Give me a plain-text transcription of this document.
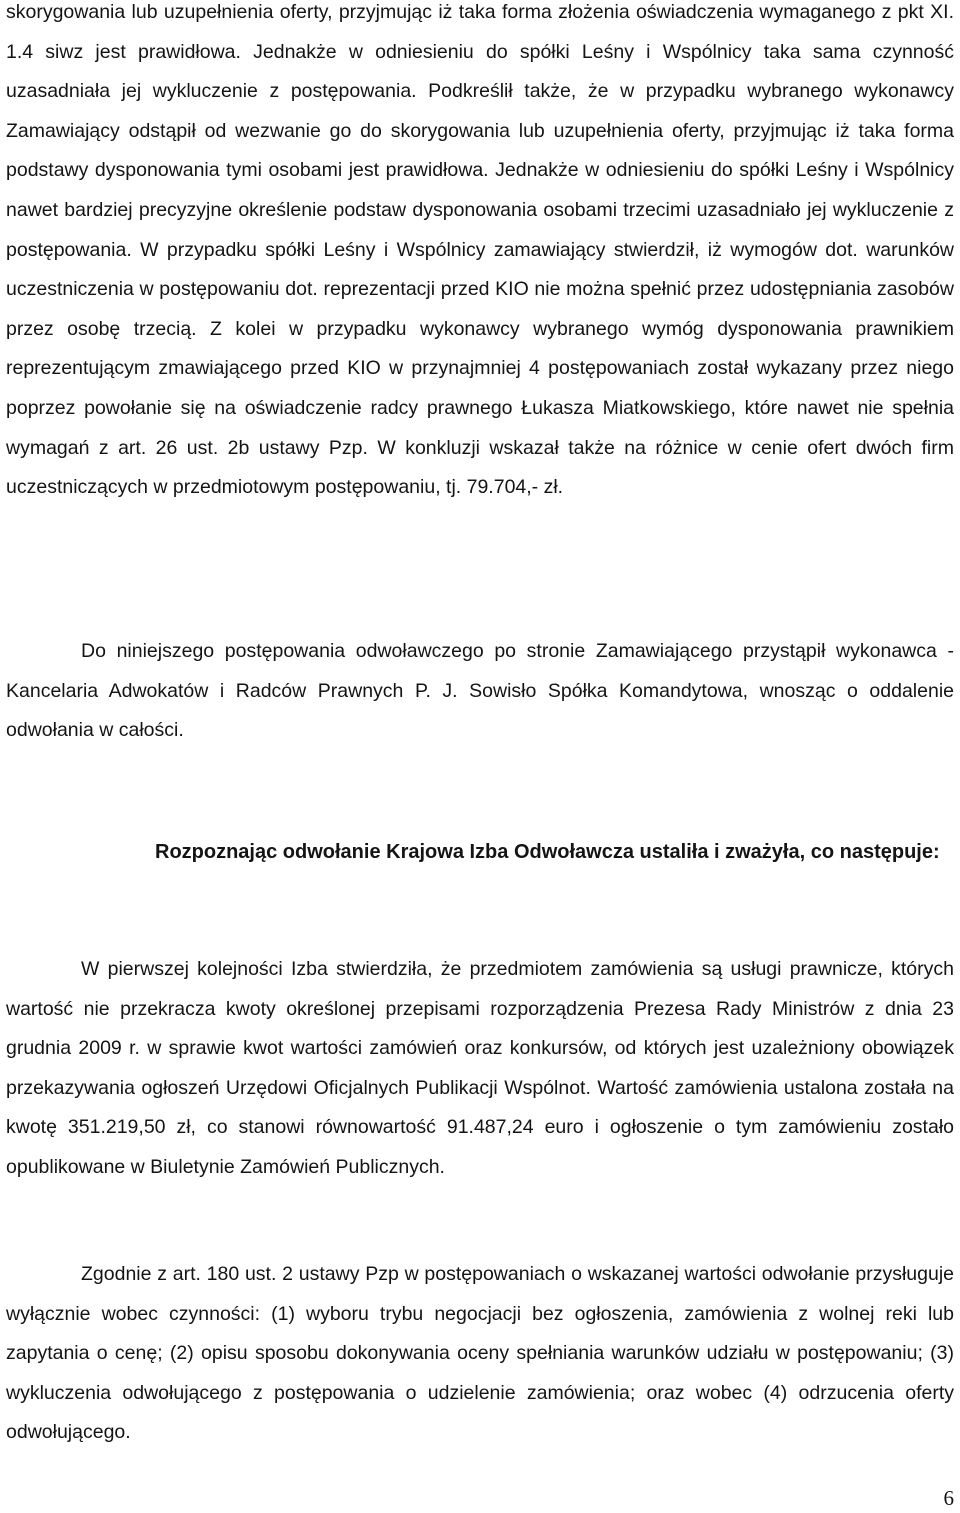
skorygowania lub uzupełnienia oferty, przyjmując iż taka forma złożenia oświadczenia wymaganego z pkt XI. 1.4 siwz jest prawidłowa. Jednakże w odniesieniu do spółki Leśny i Wspólnicy taka sama czynność uzasadniała jej wykluczenie z postępowania. Podkreślił także, że w przypadku wybranego wykonawcy Zamawiający odstąpił od wezwanie go do skorygowania lub uzupełnienia oferty, przyjmując iż taka forma podstawy dysponowania tymi osobami jest prawidłowa. Jednakże w odniesieniu do spółki Leśny i Wspólnicy nawet bardziej precyzyjne określenie podstaw dysponowania osobami trzecimi uzasadniało jej wykluczenie z postępowania. W przypadku spółki Leśny i Wspólnicy zamawiający stwierdził, iż wymogów dot. warunków uczestniczenia w postępowaniu dot. reprezentacji przed KIO nie można spełnić przez udostępniania zasobów przez osobę trzecią. Z kolei w przypadku wykonawcy wybranego wymóg dysponowania prawnikiem reprezentującym zmawiającego przed KIO w przynajmniej 4 postępowaniach został wykazany przez niego poprzez powołanie się na oświadczenie radcy prawnego Łukasza Miatkowskiego, które nawet nie spełnia wymagań z art. 26 ust. 2b ustawy Pzp. W konkluzji wskazał także na różnice w cenie ofert dwóch firm uczestniczących w przedmiotowym postępowaniu, tj. 79.704,- zł.

Do niniejszego postępowania odwoławczego po stronie Zamawiającego przystąpił wykonawca - Kancelaria Adwokatów i Radców Prawnych P. J. Sowisło Spółka Komandytowa, wnosząc o oddalenie odwołania w całości.

Rozpoznając odwołanie Krajowa Izba Odwoławcza ustaliła i zważyła, co następuje:

W pierwszej kolejności Izba stwierdziła, że przedmiotem zamówienia są usługi prawnicze, których wartość nie przekracza kwoty określonej przepisami rozporządzenia Prezesa Rady Ministrów z dnia 23 grudnia 2009 r. w sprawie kwot wartości zamówień oraz konkursów, od których jest uzależniony obowiązek przekazywania ogłoszeń Urzędowi Oficjalnych Publikacji Wspólnot. Wartość zamówienia ustalona została na kwotę 351.219,50 zł, co stanowi równowartość 91.487,24 euro i ogłoszenie o tym zamówieniu zostało opublikowane w Biuletynie Zamówień Publicznych.

Zgodnie z art. 180 ust. 2 ustawy Pzp w postępowaniach o wskazanej wartości odwołanie przysługuje wyłącznie wobec czynności: (1) wyboru trybu negocjacji bez ogłoszenia, zamówienia z wolnej reki lub zapytania o cenę; (2) opisu sposobu dokonywania oceny spełniania warunków udziału w postępowaniu; (3) wykluczenia odwołującego z postępowania o udzielenie zamówienia; oraz wobec (4) odrzucenia oferty odwołującego.

6
